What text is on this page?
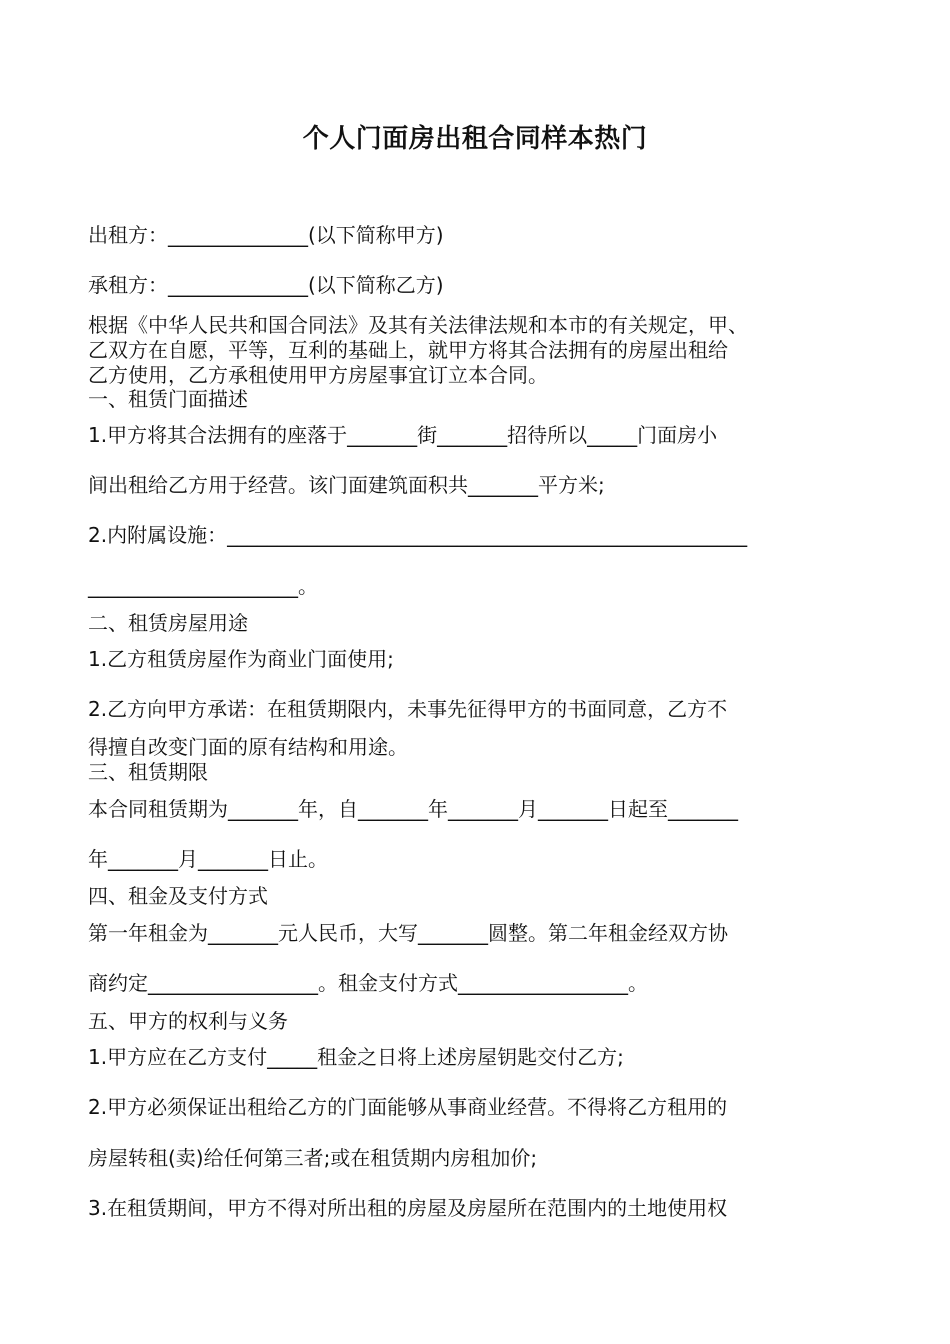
个人门面房出租合同样本热门

出租方：______________(以下简称甲方)

承租方：______________(以下简称乙方)

根据《中华人民共和国合同法》及其有关法律法规和本市的有关规定，甲、

乙双方在自愿，平等，互利的基础上，就甲方将其合法拥有的房屋出租给

乙方使用，乙方承租使用甲方房屋事宜订立本合同。

一、租赁门面描述

1.甲方将其合法拥有的座落于_______街_______招待所以_____门面房小

间出租给乙方用于经营。该门面建筑面积共_______平方米;

2.内附属设施：____________________________________________________

_____________________。

二、租赁房屋用途

1.乙方租赁房屋作为商业门面使用;

2.乙方向甲方承诺：在租赁期限内，未事先征得甲方的书面同意，乙方不

得擅自改变门面的原有结构和用途。

三、租赁期限

本合同租赁期为_______年，自_______年_______月_______日起至_______

年_______月_______日止。

四、租金及支付方式

第一年租金为_______元人民币，大写_______圆整。第二年租金经双方协

商约定_________________。租金支付方式_________________。

五、甲方的权利与义务

1.甲方应在乙方支付_____租金之日将上述房屋钥匙交付乙方;

2.甲方必须保证出租给乙方的门面能够从事商业经营。不得将乙方租用的

房屋转租(卖)给任何第三者;或在租赁期内房租加价;

3.在租赁期间，甲方不得对所出租的房屋及房屋所在范围内的土地使用权
